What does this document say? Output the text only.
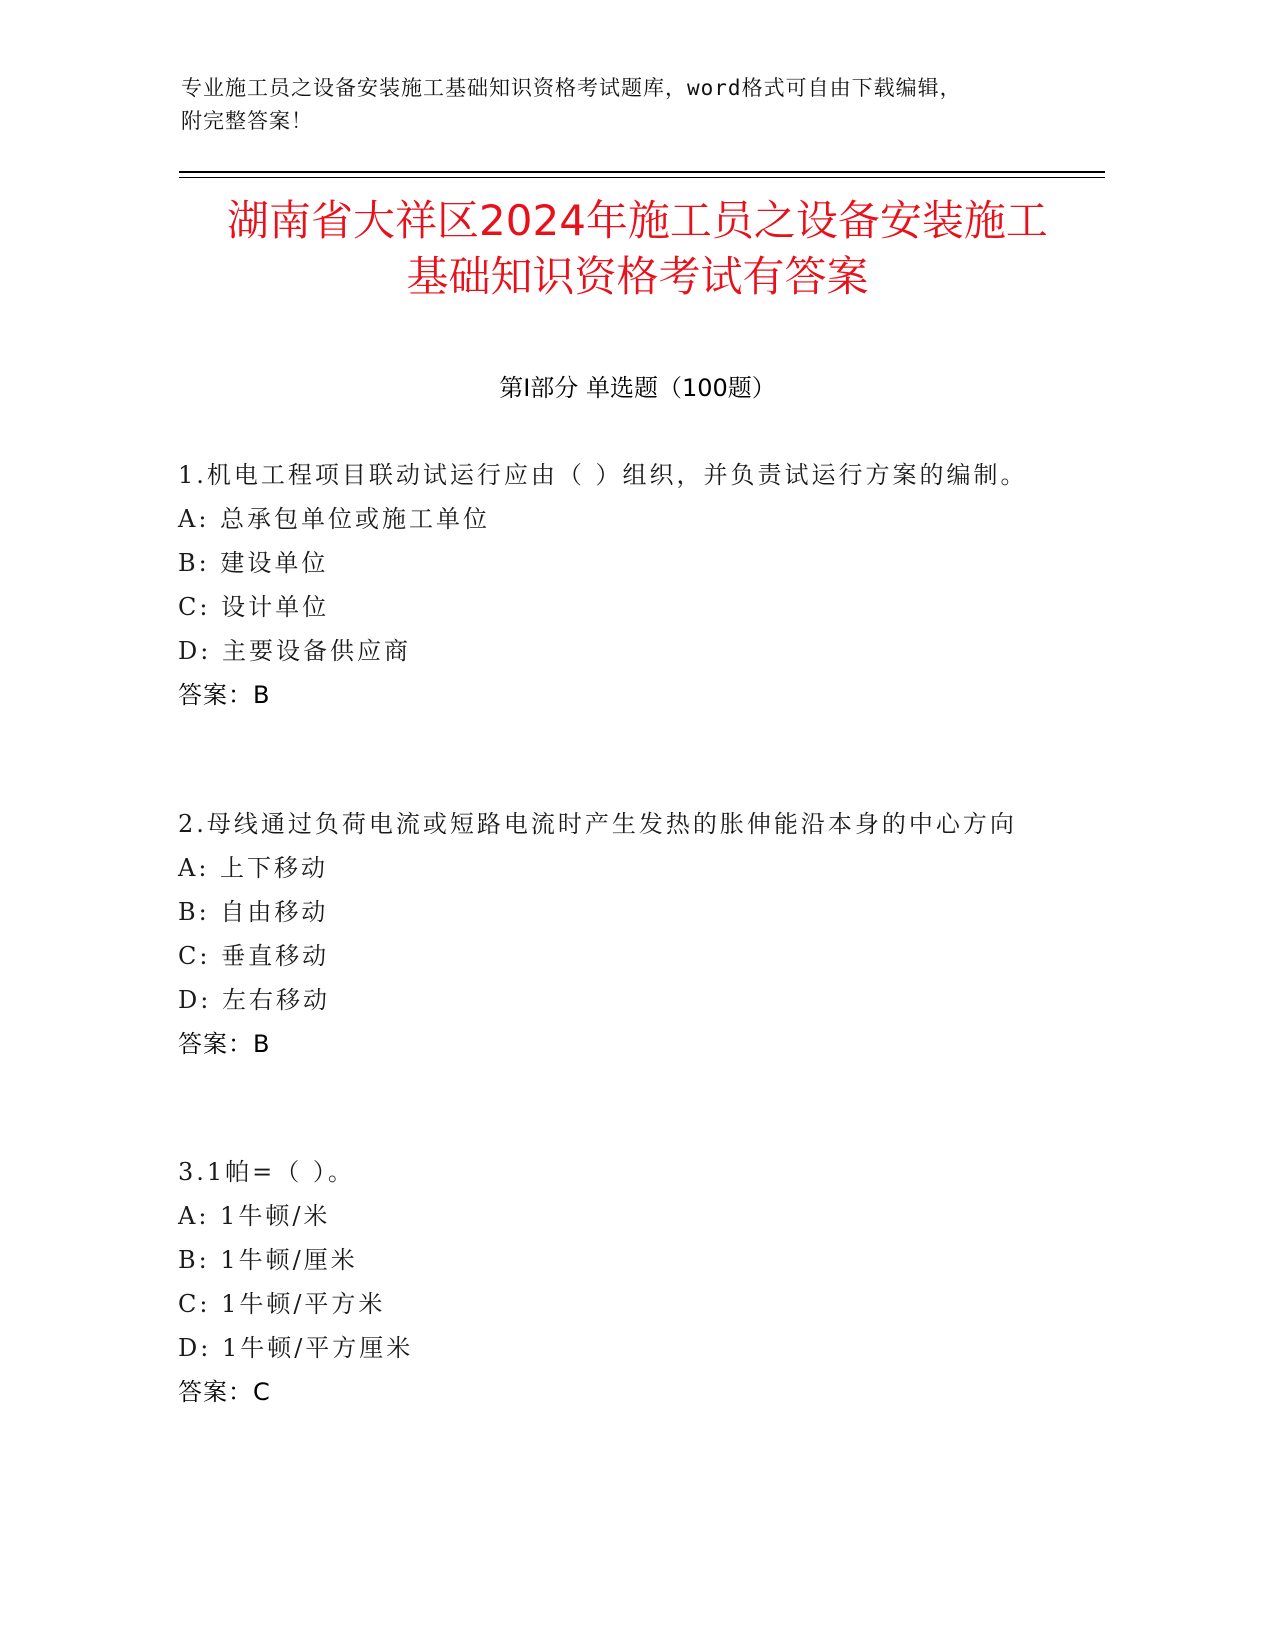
专业施工员之设备安装施工基础知识资格考试题库，word格式可自由下载编辑，
附完整答案！
湖南省大祥区2024年施工员之设备安装施工
基础知识资格考试有答案
第Ⅰ部分 单选题（100题）

1.机电工程项目联动试运行应由（ ）组织，并负责试运行方案的编制。

A: 总承包单位或施工单位

B: 建设单位

C: 设计单位

D: 主要设备供应商

答案：B

2.母线通过负荷电流或短路电流时产生发热的胀伸能沿本身的中心方向

A: 上下移动

B: 自由移动

C: 垂直移动

D: 左右移动

答案：B

3.1帕=（ ）。

A: 1牛顿/米

B: 1牛顿/厘米

C: 1牛顿/平方米

D: 1牛顿/平方厘米

答案：C
